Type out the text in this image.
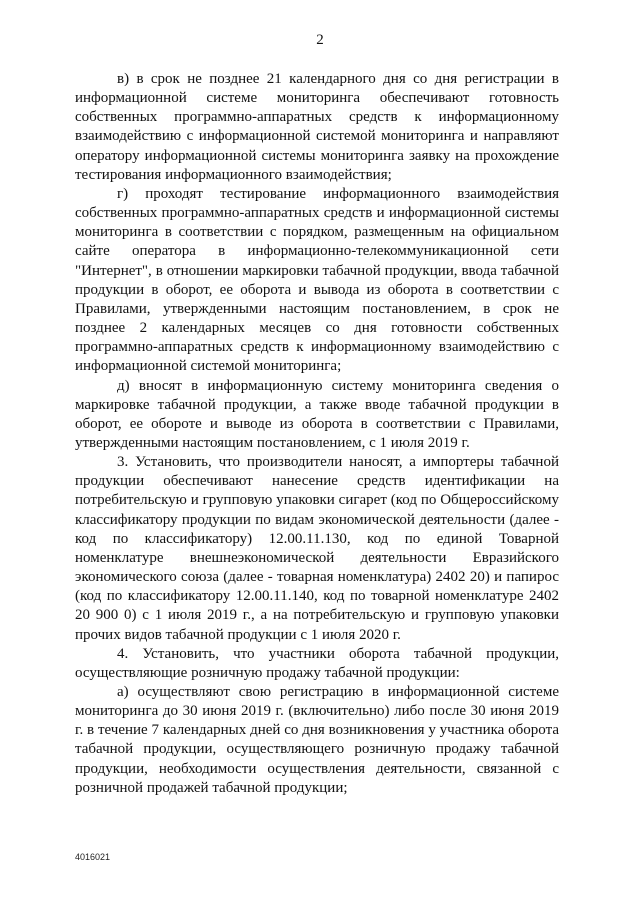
2

в) в срок не позднее 21 календарного дня со дня регистрации в информационной системе мониторинга обеспечивают готовность собственных программно-аппаратных средств к информационному взаимодействию с информационной системой мониторинга и направляют оператору информационной системы мониторинга заявку на прохождение тестирования информационного взаимодействия;

г) проходят тестирование информационного взаимодействия собственных программно-аппаратных средств и информационной системы мониторинга в соответствии с порядком, размещенным на официальном сайте оператора в информационно-телекоммуникационной сети "Интернет", в отношении маркировки табачной продукции, ввода табачной продукции в оборот, ее оборота и вывода из оборота в соответствии с Правилами, утвержденными настоящим постановлением, в срок не позднее 2 календарных месяцев со дня готовности собственных программно-аппаратных средств к информационному взаимодействию с информационной системой мониторинга;

д) вносят в информационную систему мониторинга сведения о маркировке табачной продукции, а также вводе табачной продукции в оборот, ее обороте и выводе из оборота в соответствии с Правилами, утвержденными настоящим постановлением, с 1 июля 2019 г.

3. Установить, что производители наносят, а импортеры табачной продукции обеспечивают нанесение средств идентификации на потребительскую и групповую упаковки сигарет (код по Общероссийскому классификатору продукции по видам экономической деятельности (далее - код по классификатору) 12.00.11.130, код по единой Товарной номенклатуре внешнеэкономической деятельности Евразийского экономического союза (далее - товарная номенклатура) 2402 20) и папирос (код по классификатору 12.00.11.140, код по товарной номенклатуре 2402 20 900 0) с 1 июля 2019 г., а на потребительскую и групповую упаковки прочих видов табачной продукции с 1 июля 2020 г.

4. Установить, что участники оборота табачной продукции, осуществляющие розничную продажу табачной продукции:

а) осуществляют свою регистрацию в информационной системе мониторинга до 30 июня 2019 г. (включительно) либо после 30 июня 2019 г. в течение 7 календарных дней со дня возникновения у участника оборота табачной продукции, осуществляющего розничную продажу табачной продукции, необходимости осуществления деятельности, связанной с розничной продажей табачной продукции;

4016021
